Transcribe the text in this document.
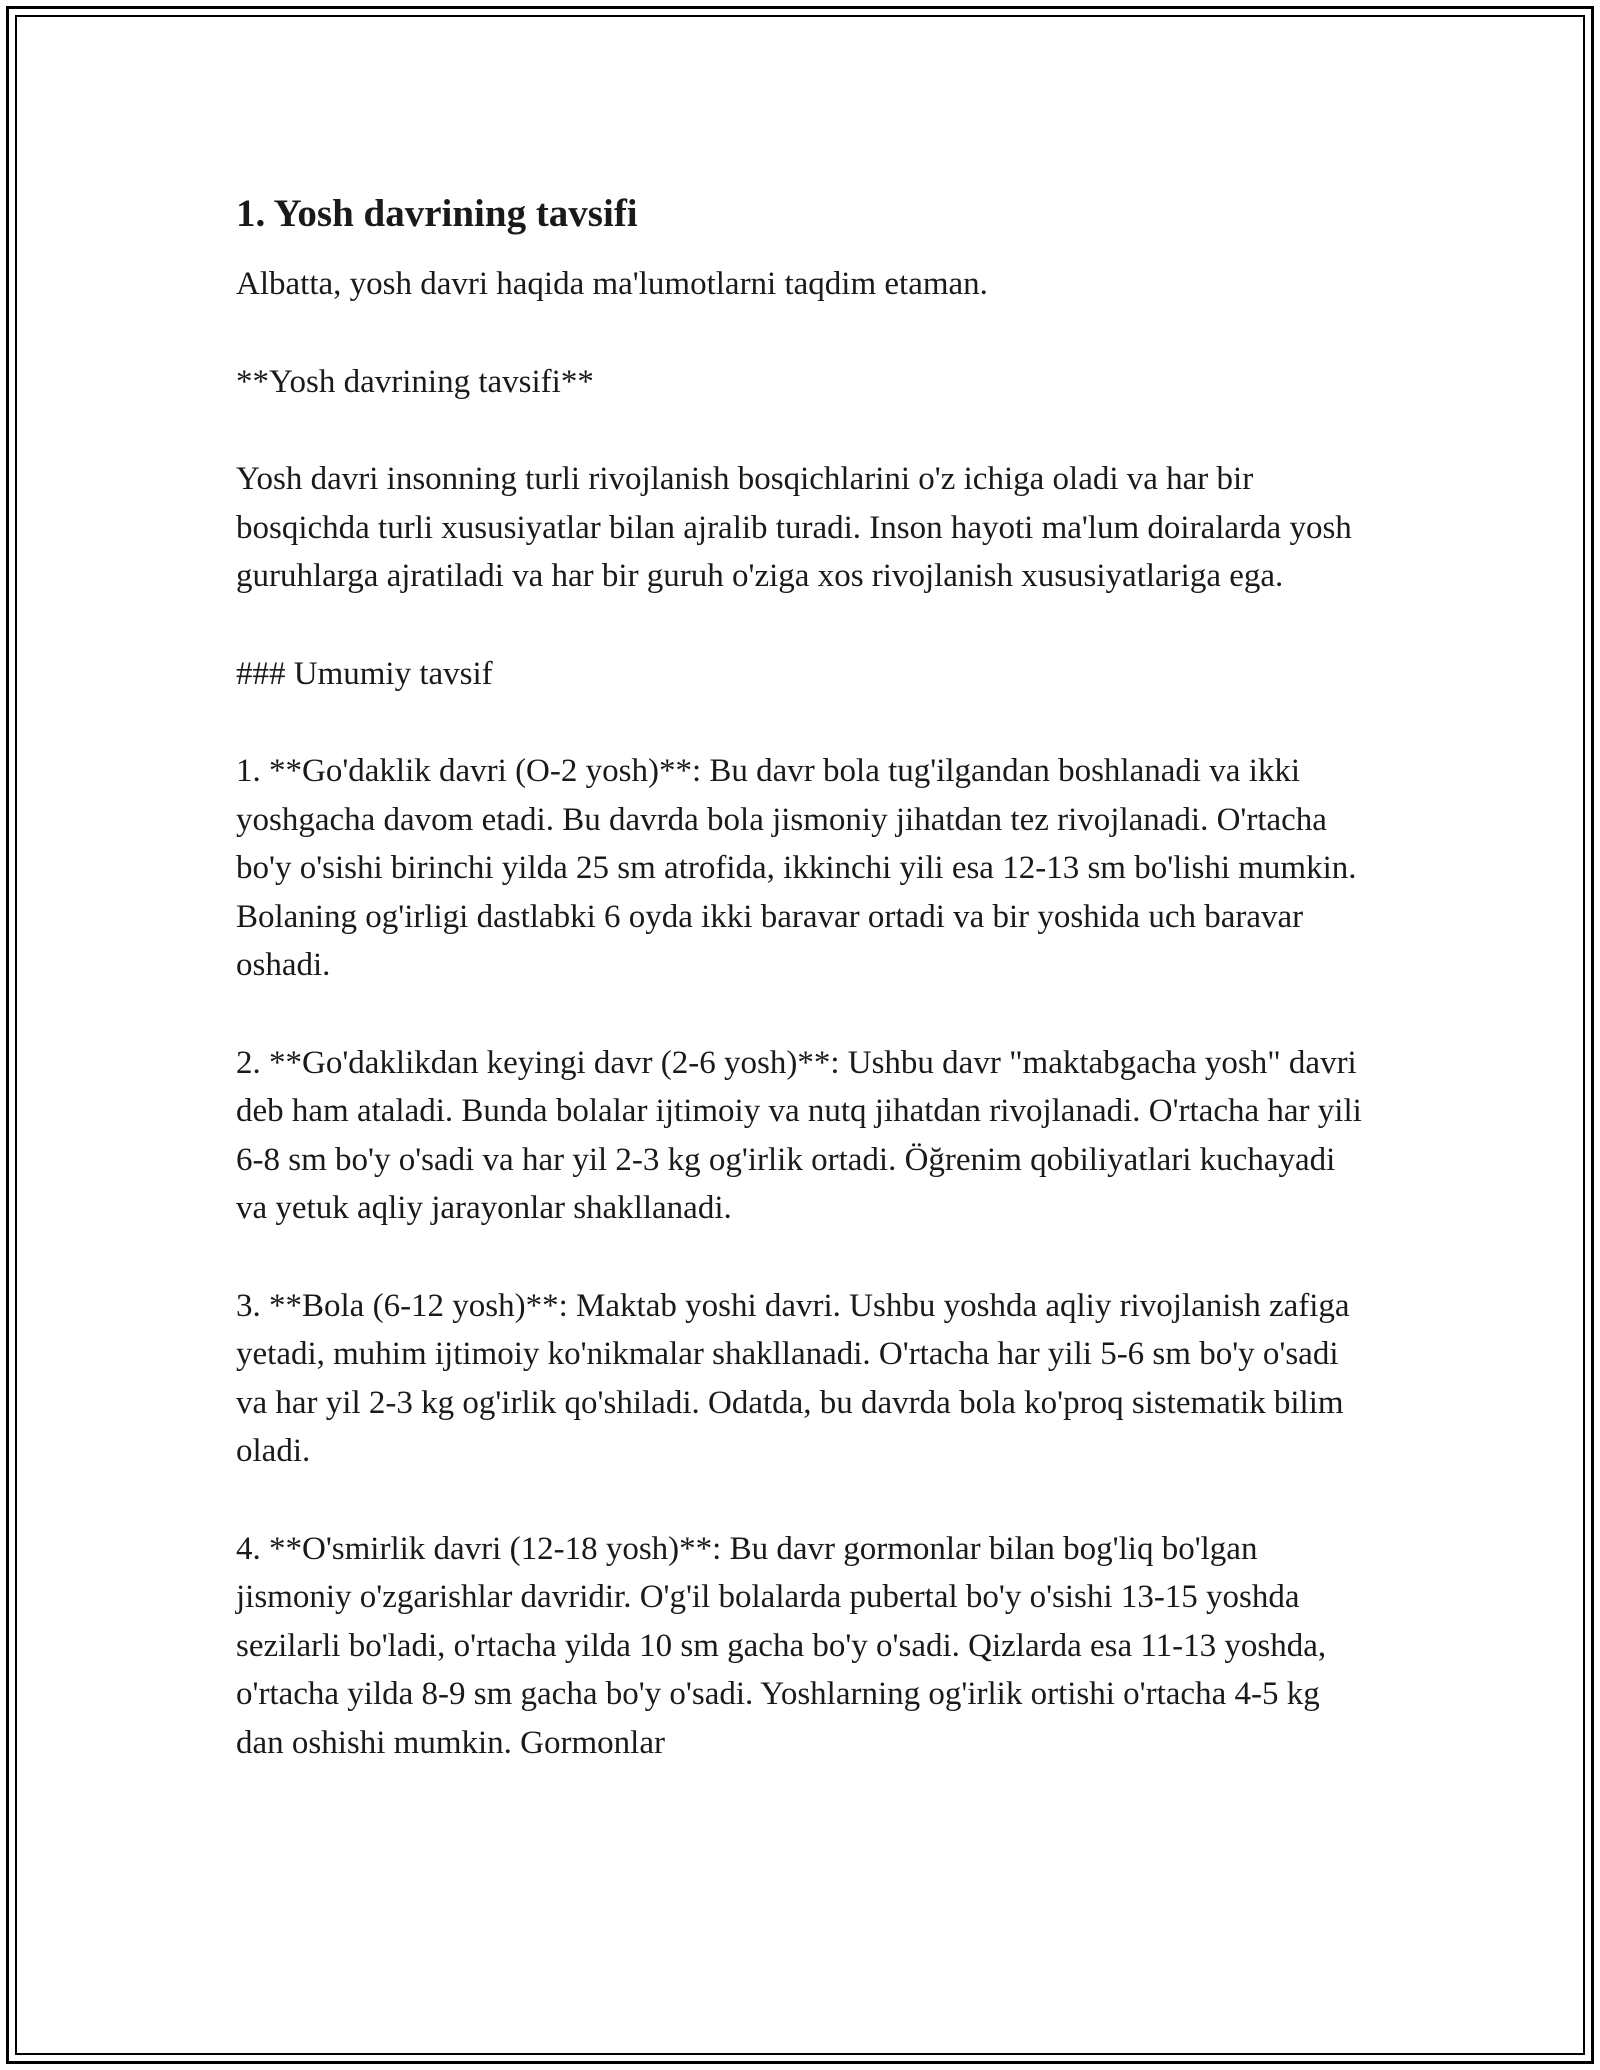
1. Yosh davrining tavsifi

Albatta, yosh davri haqida ma'lumotlarni taqdim etaman.

**Yosh davrining tavsifi**

Yosh davri insonning turli rivojlanish bosqichlarini o'z ichiga oladi va har bir bosqichda turli xususiyatlar bilan ajralib turadi. Inson hayoti ma'lum doiralarda yosh guruhlarga ajratiladi va har bir guruh o'ziga xos rivojlanish xususiyatlariga ega.

### Umumiy tavsif

1. **Go'daklik davri (O-2 yosh)**: Bu davr bola tug'ilgandan boshlanadi va ikki yoshgacha davom etadi. Bu davrda bola jismoniy jihatdan tez rivojlanadi. O'rtacha bo'y o'sishi birinchi yilda 25 sm atrofida, ikkinchi yili esa 12-13 sm bo'lishi mumkin. Bolaning og'irligi dastlabki 6 oyda ikki baravar ortadi va bir yoshida uch baravar oshadi.

2. **Go'daklikdan keyingi davr (2-6 yosh)**: Ushbu davr "maktabgacha yosh" davri deb ham ataladi. Bunda bolalar ijtimoiy va nutq jihatdan rivojlanadi. O'rtacha har yili 6-8 sm bo'y o'sadi va har yil 2-3 kg og'irlik ortadi. Öğrenim qobiliyatlari kuchayadi va yetuk aqliy jarayonlar shakllanadi.

3. **Bola (6-12 yosh)**: Maktab yoshi davri. Ushbu yoshda aqliy rivojlanish zafiga yetadi, muhim ijtimoiy ko'nikmalar shakllanadi. O'rtacha har yili 5-6 sm bo'y o'sadi va har yil 2-3 kg og'irlik qo'shiladi. Odatda, bu davrda bola ko'proq sistematik bilim oladi.

4. **O'smirlik davri (12-18 yosh)**: Bu davr gormonlar bilan bog'liq bo'lgan jismoniy o'zgarishlar davridir. O'g'il bolalarda pubertal bo'y o'sishi 13-15 yoshda sezilarli bo'ladi, o'rtacha yilda 10 sm gacha bo'y o'sadi. Qizlarda esa 11-13 yoshda, o'rtacha yilda 8-9 sm gacha bo'y o'sadi. Yoshlarning og'irlik ortishi o'rtacha 4-5 kg dan oshishi mumkin. Gormonlar
